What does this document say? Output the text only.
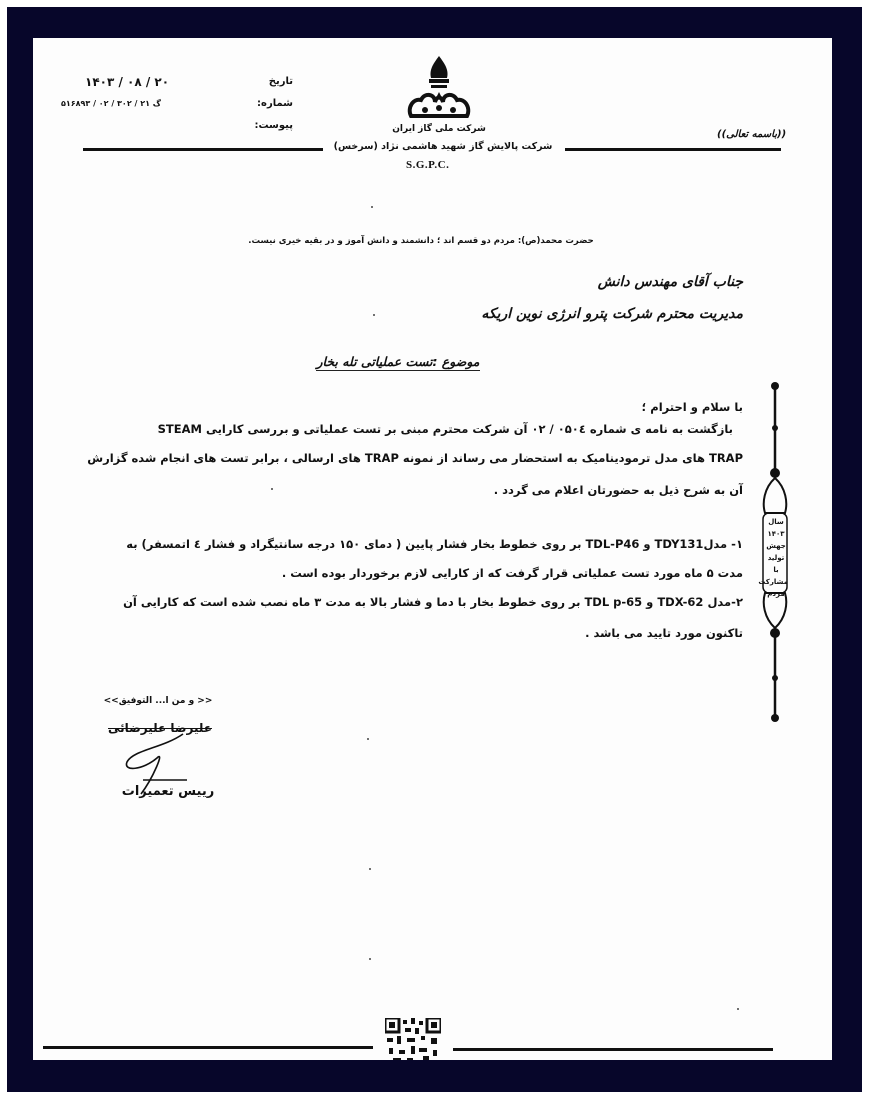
تاریخ
۱۴۰۳ / ۰۸ / ۲۰
شماره:
۵۱۶۸۹۳ / ۰۲ / ۳۰۲ / ۲۱ گ
پیوست:	شرکت ملی گاز ایران
شرکت پالایش گاز شهید هاشمی نژاد (سرخس)
S.G.P.C.
((باسمه تعالی))
حضرت محمد(ص): مردم دو قسم اند ؛ دانشمند و دانش آموز و در بقیه خیری نیست.
جناب آقای مهندس دانش
مدیریت محترم شرکت پترو انرژی نوین اریکه
موضوع :تست عملیاتی تله بخار
با سلام و احترام ؛
بازگشت به نامه ی شماره ۰۵۰٤ / ۰۲ آن شرکت محترم مبنی بر تست عملیاتی و بررسی کارایی STEAM
TRAP های مدل ترمودینامیک به استحضار می رساند از نمونه TRAP های ارسالی ، برابر تست های انجام شده گزارش
آن به شرح ذیل به حضورتان اعلام می گردد .
۱- مدلTDY131 و TDL-P46 بر روی خطوط بخار فشار پایین ( دمای ۱۵۰ درجه سانتیگراد و فشار ٤ اتمسفر) به
مدت ۵ ماه مورد تست عملیاتی قرار گرفت که از کارایی لازم برخوردار بوده است .
۲-مدل TDX-62 و TDL p-65 بر روی خطوط بخار با دما و فشار بالا به مدت ۳ ماه نصب شده است که کارایی آن
تاکنون مورد تایید می باشد .
<< و من ا... التوفیق>>
علیرضا علیرضائی
رییس تعمیرات
سال ۱۴۰۳
جهش تولید
با
مشارکت مردم
